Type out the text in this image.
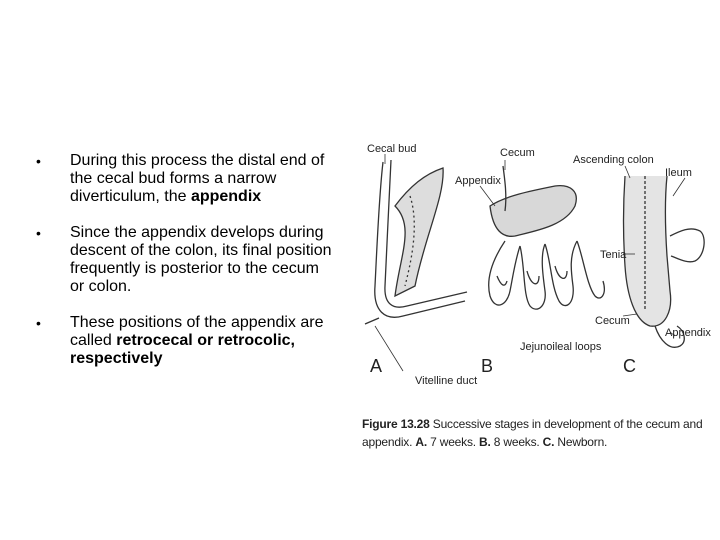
•	During this process the distal end of the cecal bud forms a narrow diverticulum, the appendix
•	Since the appendix develops during descent of the colon, its final position frequently is posterior to the cecum or colon.
•	These positions of the appendix are called retrocecal or retrocolic, respectively
Cecal bud	Cecum
Appendix
Ascending colon
Ileum
Tenia
Cecum
Appendix
Jejunoileal loops
Vitelline duct
A	B	C
Figure 13.28 Successive stages in development of the cecum and appendix. A. 7 weeks. B. 8 weeks. C. Newborn.
